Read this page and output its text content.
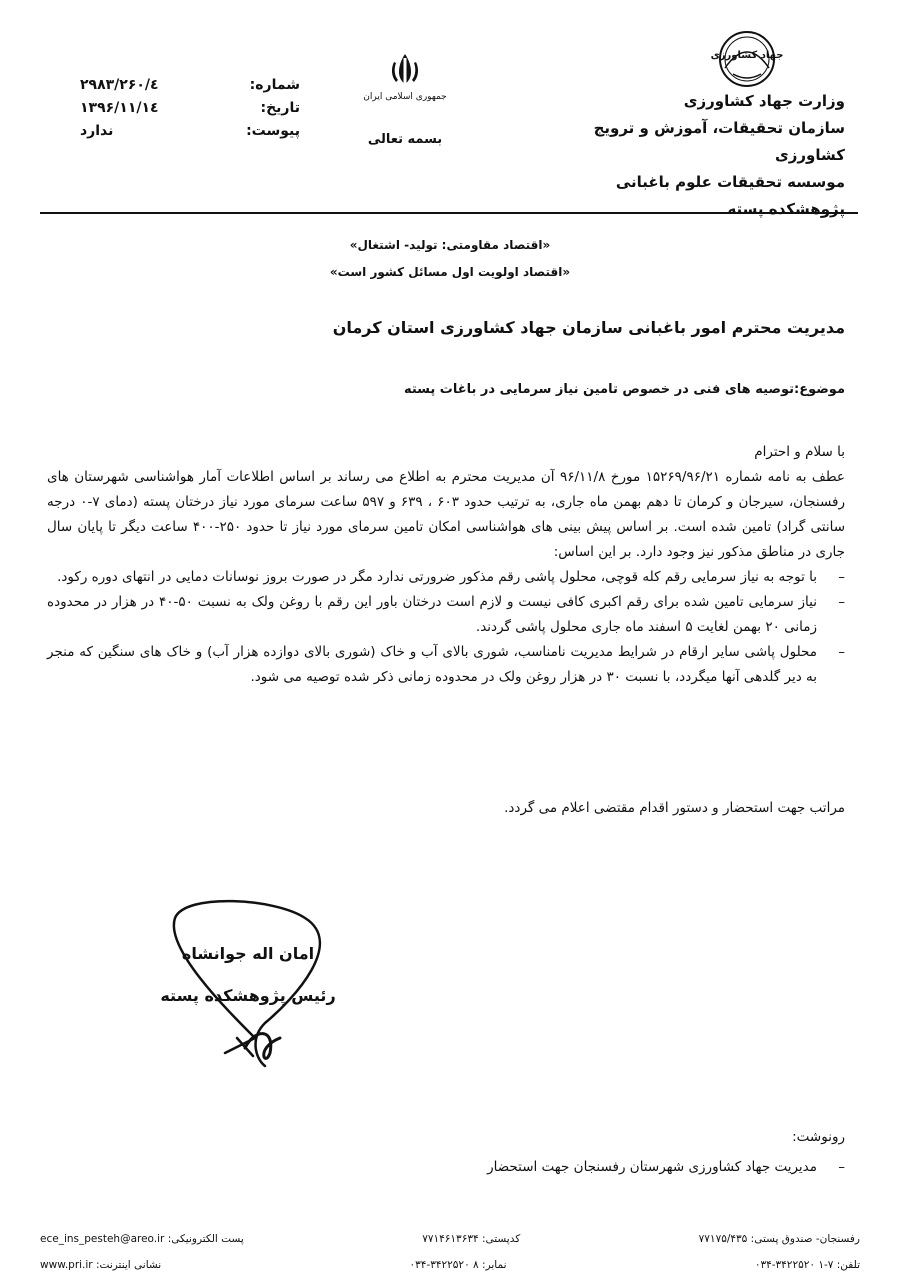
جهاد کشاورزی
وزارت جهاد کشاورزی
سازمان تحقیقات، آموزش و ترویج کشاورزی
موسسه تحقیقات علوم باغبانی
پژوهشکده پسته
جمهوری اسلامی ایران
بسمه تعالی
شماره:
۲۹۸۳/۲۶۰/٤
تاریخ:
۱۳۹۶/۱۱/۱٤
پیوست:
ندارد
«اقتصاد مقاومتی: تولید- اشتغال»
«اقتصاد اولویت اول مسائل کشور است»
مدیریت محترم امور باغبانی سازمان جهاد کشاورزی استان کرمان
موضوع:توصیه های فنی در خصوص تامین نیاز سرمایی در باغات پسته

با سلام و احترام

عطف به نامه شماره ۱۵۲۶۹/۹۶/۲۱ مورخ ۹۶/۱۱/۸ آن مدیریت محترم به اطلاع می رساند بر اساس اطلاعات آمار هواشناسی شهرستان های رفسنجان، سیرجان و کرمان تا دهم بهمن ماه جاری، به ترتیب حدود ۶۰۳ ، ۶۳۹ و ۵۹۷ ساعت سرمای مورد نیاز درختان پسته (دمای ۷-۰ درجه سانتی گراد) تامین شده است. بر اساس پیش بینی های هواشناسی امکان تامین سرمای مورد نیاز تا حدود ۲۵۰-۴۰۰ ساعت دیگر تا پایان سال جاری در مناطق مذکور نیز وجود دارد. بر این اساس:

–
با توجه به نیاز سرمایی رقم کله قوچی، محلول پاشی رقم مذکور ضرورتی ندارد مگر در صورت بروز نوسانات دمایی در انتهای دوره رکود.
–
نیاز سرمایی تامین شده برای رقم اکبری کافی نیست و لازم است درختان باور این رقم با روغن ولک به نسبت ۵۰-۴۰ در هزار در محدوده زمانی ۲۰ بهمن لغایت ۵ اسفند ماه جاری محلول پاشی گردند.
–
محلول پاشی سایر ارقام در شرایط مدیریت نامناسب، شوری بالای آب و خاک (شوری بالای دوازده هزار آب) و خاک های سنگین که منجر به دیر گلدهی آنها میگردد، با نسبت ۳۰ در هزار روغن ولک در محدوده زمانی ذکر شده توصیه می شود.
مراتب جهت استحضار و دستور اقدام مقتضی اعلام می گردد.
امان اله جوانشاه
رئیس پژوهشکده پسته
رونوشت:
–
مدیریت جهاد کشاورزی شهرستان رفسنجان جهت استحضار
رفسنجان- صندوق پستی: ۷۷۱۷۵/۴۳۵
کدپستی: ۷۷۱۴۶۱۳۶۳۴
پست الکترونیکی: ece_ins_pesteh@areo.ir
تلفن: ۰۳۴-۳۴۲۲۵۲۰ ۱-۷
نمابر: ۰۳۴-۳۴۲۲۵۲۰ ۸
نشانی اینترنت: www.pri.ir
